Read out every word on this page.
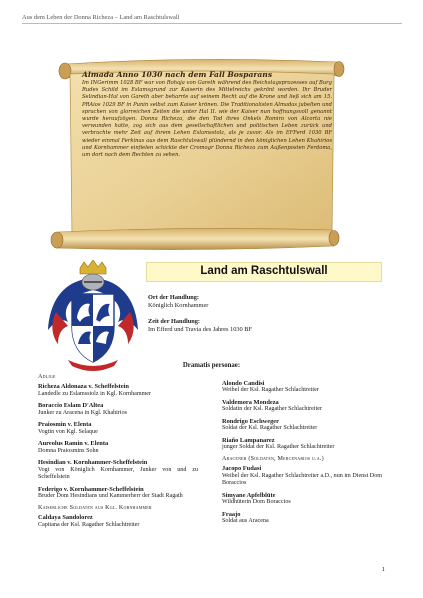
Aus dem Leben der Donna Richeza – Land am Raschtulswall
Almada Anno 1030 nach dem Fall Bosparans
Im INGerimm 1028 BF war von Rohaja von Gareth während des Reichstagsprozesses auf Burg Rudes Schild im Eslamsgrund zur Kaiserin des Mittelreichs gekrönt worden. Ihr Bruder Selindian-Hal von Gareth aber beharrte auf seinem Recht auf die Krone und ließ sich am 15. PRAios 1029 BF in Punin selbst zum Kaiser krönen. Die Traditionalisten Almadas jubelten und sprachen von glorreichen Zeiten die unter Hal II. wie der Kaiser nun hoffnungsvoll genannt wurde heraufzögen. Donna Richeza, die den Tod ihres Onkels Romiro von Alcorta nie verwunden hatte, zog sich aus dem gesellschaftlichen und politischen Leben zurück und verbrachte mehr Zeit auf ihrem Lehen Eslamsstolz, als je zuvor. Als im EFFerd 1030 BF wieder einmal Ferkinas aus dem Raschtulswall plündernd in den königlichen Lehen Khahirios und Kornhammer einfielen schickte der Cromogr Donna Richeza zum Außenposten Ferdoma, um dort nach dem Rechten zu sehen.
Land am Raschtulswall
Ort der Handlung:
Königlich Kornhammer
Zeit der Handlung:
Im Efferd und Travia des Jahres 1030 BF
Dramatis personae:
Adlige
Richeza Aldonaza v. Scheffelstein
Landedle zu Eslamsstolz in Kgl. Kornhammer
Boraccio Eslam D'Altea
Junker zu Aracena in Kgl. Khahirios
Praiosmin v. Elenta
Vogtin von Kgl. Selaque
Aureolus Ramin v. Elenta
Domna Praiosmins Sohn
Hesindian v. Kornhammer-Scheffelstein
Vogt von Königlich Kornhammer, Junker von und zu Scheffelstein
Federigo v. Kornhammer-Scheffelstein
Bruder Dom Hesindians und Kammerherr der Stadt Ragath
Kaiserliche Soldaten aus Kgl. Kornhammer
Caldaya Sandolorez
Capitana der Ksl. Ragather Schlachtreiter
Alondo Candisi
Weibel der Ksl. Ragather Schlachtreiter
Valdemora Mondeza
Soldatin der Ksl. Ragather Schlachtreiter
Rondrigo Eschweger
Soldat der Ksl. Ragather Schlachtreiter
Riaño Lampanarez
junger Soldat der Ksl. Ragather Schlachtreiter
Aracener (Soldaten, Mercenarios u.a.)
Jacopo Fudasi
Weibel der Ksl. Ragather Schlachtreiter a.D., nun im Dienst Dom Boraccios
Simyane Apfelblüte
Wildhüterin Dom Boraccios
Fraajo
Soldat aus Aracena
1
